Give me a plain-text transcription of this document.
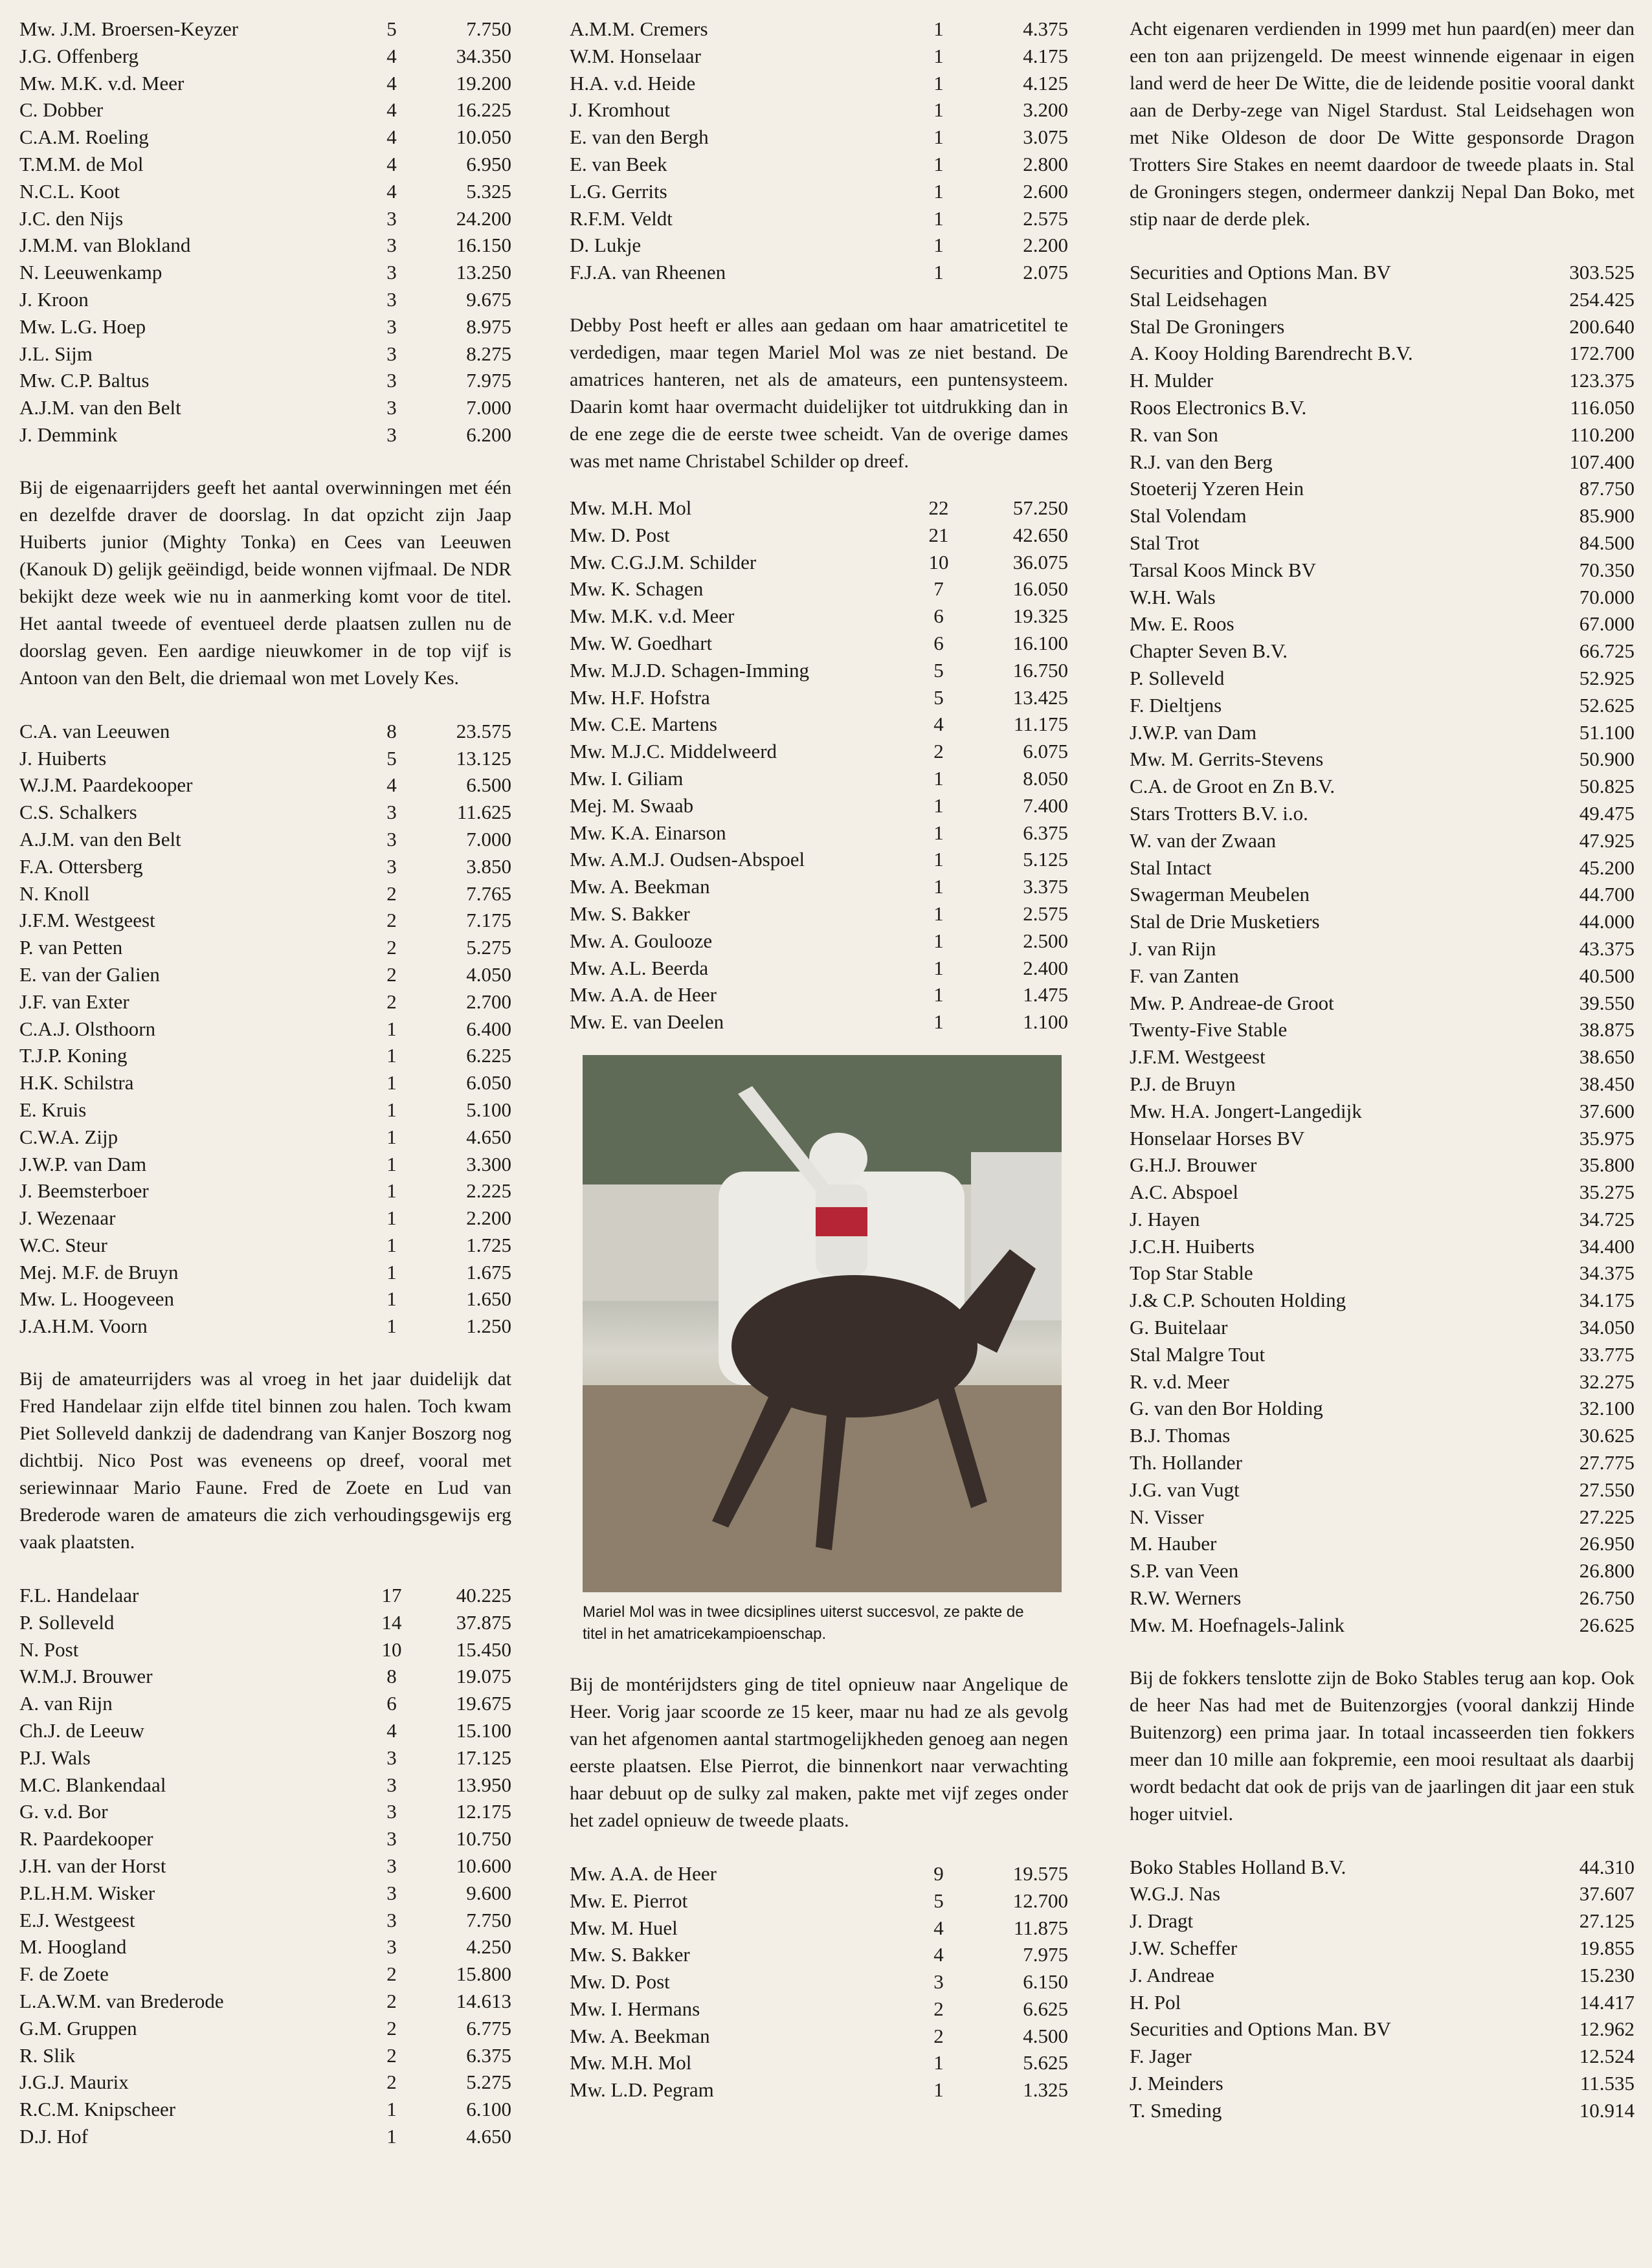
Mw. J.M. Broersen-Keyzer	5	7.750
J.G. Offenberg	4	34.350
Mw. M.K. v.d. Meer	4	19.200
C. Dobber	4	16.225
C.A.M. Roeling	4	10.050
T.M.M. de Mol	4	6.950
N.C.L. Koot	4	5.325
J.C. den Nijs	3	24.200
J.M.M. van Blokland	3	16.150
N. Leeuwenkamp	3	13.250
J. Kroon	3	9.675
Mw. L.G. Hoep	3	8.975
J.L. Sijm	3	8.275
Mw. C.P. Baltus	3	7.975
A.J.M. van den Belt	3	7.000
J. Demmink	3	6.200

Bij de eigenaarrijders geeft het aantal overwinningen met één en dezelfde draver de doorslag. In dat opzicht zijn Jaap Huiberts junior (Mighty Tonka) en Cees van Leeuwen (Kanouk D) gelijk geëindigd, beide wonnen vijfmaal. De NDR bekijkt deze week wie nu in aanmerking komt voor de titel. Het aantal tweede of eventueel derde plaatsen zullen nu de doorslag geven. Een aardige nieuwkomer in de top vijf is Antoon van den Belt, die driemaal won met Lovely Kes.

C.A. van Leeuwen	8	23.575
J. Huiberts	5	13.125
W.J.M. Paardekooper	4	6.500
C.S. Schalkers	3	11.625
A.J.M. van den Belt	3	7.000
F.A. Ottersberg	3	3.850
N. Knoll	2	7.765
J.F.M. Westgeest	2	7.175
P. van Petten	2	5.275
E. van der Galien	2	4.050
J.F. van Exter	2	2.700
C.A.J. Olsthoorn	1	6.400
T.J.P. Koning	1	6.225
H.K. Schilstra	1	6.050
E. Kruis	1	5.100
C.W.A. Zijp	1	4.650
J.W.P. van Dam	1	3.300
J. Beemsterboer	1	2.225
J. Wezenaar	1	2.200
W.C. Steur	1	1.725
Mej. M.F. de Bruyn	1	1.675
Mw. L. Hoogeveen	1	1.650
J.A.H.M. Voorn	1	1.250

Bij de amateurrijders was al vroeg in het jaar duidelijk dat Fred Handelaar zijn elfde titel binnen zou halen. Toch kwam Piet Solleveld dankzij de dadendrang van Kanjer Boszorg nog dichtbij. Nico Post was eveneens op dreef, vooral met seriewinnaar Mario Faune. Fred de Zoete en Lud van Brederode waren de amateurs die zich verhoudingsgewijs erg vaak plaatsten.

F.L. Handelaar	17	40.225
P. Solleveld	14	37.875
N. Post	10	15.450
W.M.J. Brouwer	8	19.075
A. van Rijn	6	19.675
Ch.J. de Leeuw	4	15.100
P.J. Wals	3	17.125
M.C. Blankendaal	3	13.950
G. v.d. Bor	3	12.175
R. Paardekooper	3	10.750
J.H. van der Horst	3	10.600
P.L.H.M. Wisker	3	9.600
E.J. Westgeest	3	7.750
M. Hoogland	3	4.250
F. de Zoete	2	15.800
L.A.W.M. van Brederode	2	14.613
G.M. Gruppen	2	6.775
R. Slik	2	6.375
J.G.J. Maurix	2	5.275
R.C.M. Knipscheer	1	6.100
D.J. Hof	1	4.650
A.M.M. Cremers	1	4.375
W.M. Honselaar	1	4.175
H.A. v.d. Heide	1	4.125
J. Kromhout	1	3.200
E. van den Bergh	1	3.075
E. van Beek	1	2.800
L.G. Gerrits	1	2.600
R.F.M. Veldt	1	2.575
D. Lukje	1	2.200
F.J.A. van Rheenen	1	2.075

Debby Post heeft er alles aan gedaan om haar amatricetitel te verdedigen, maar tegen Mariel Mol was ze niet bestand. De amatrices hanteren, net als de amateurs, een puntensysteem. Daarin komt haar overmacht duidelijker tot uitdrukking dan in de ene zege die de eerste twee scheidt. Van de overige dames was met name Christabel Schilder op dreef.

Mw. M.H. Mol	22	57.250
Mw. D. Post	21	42.650
Mw. C.G.J.M. Schilder	10	36.075
Mw. K. Schagen	7	16.050
Mw. M.K. v.d. Meer	6	19.325
Mw. W. Goedhart	6	16.100
Mw. M.J.D. Schagen-Imming	5	16.750
Mw. H.F. Hofstra	5	13.425
Mw. C.E. Martens	4	11.175
Mw. M.J.C. Middelweerd	2	6.075
Mw. I. Giliam	1	8.050
Mej. M. Swaab	1	7.400
Mw. K.A. Einarson	1	6.375
Mw. A.M.J. Oudsen-Abspoel	1	5.125
Mw. A. Beekman	1	3.375
Mw. S. Bakker	1	2.575
Mw. A. Goulooze	1	2.500
Mw. A.L. Beerda	1	2.400
Mw. A.A. de Heer	1	1.475
Mw. E. van Deelen	1	1.100
Mariel Mol was in twee dicsiplines uiterst succesvol, ze pakte de titel in het amatricekampioenschap.

Bij de montérijdsters ging de titel opnieuw naar Angelique de Heer. Vorig jaar scoorde ze 15 keer, maar nu had ze als gevolg van het afgenomen aantal startmogelijkheden genoeg aan negen eerste plaatsen. Else Pierrot, die binnenkort naar verwachting haar debuut op de sulky zal maken, pakte met vijf zeges onder het zadel opnieuw de tweede plaats.

Mw. A.A. de Heer	9	19.575
Mw. E. Pierrot	5	12.700
Mw. M. Huel	4	11.875
Mw. S. Bakker	4	7.975
Mw. D. Post	3	6.150
Mw. I. Hermans	2	6.625
Mw. A. Beekman	2	4.500
Mw. M.H. Mol	1	5.625
Mw. L.D. Pegram	1	1.325

Acht eigenaren verdienden in 1999 met hun paard(en) meer dan een ton aan prijzengeld. De meest winnende eigenaar in eigen land werd de heer De Witte, die de leidende positie vooral dankt aan de Derby-zege van Nigel Stardust. Stal Leidsehagen won met Nike Oldeson de door De Witte gesponsorde Dragon Trotters Sire Stakes en neemt daardoor de tweede plaats in. Stal de Groningers stegen, ondermeer dankzij Nepal Dan Boko, met stip naar de derde plek.

Securities and Options Man. BV	303.525
Stal Leidsehagen	254.425
Stal De Groningers	200.640
A. Kooy Holding Barendrecht B.V.	172.700
H. Mulder	123.375
Roos Electronics B.V.	116.050
R. van Son	110.200
R.J. van den Berg	107.400
Stoeterij Yzeren Hein	87.750
Stal Volendam	85.900
Stal Trot	84.500
Tarsal Koos Minck BV	70.350
W.H. Wals	70.000
Mw. E. Roos	67.000
Chapter Seven B.V.	66.725
P. Solleveld	52.925
F. Dieltjens	52.625
J.W.P. van Dam	51.100
Mw. M. Gerrits-Stevens	50.900
C.A. de Groot en Zn B.V.	50.825
Stars Trotters B.V. i.o.	49.475
W. van der Zwaan	47.925
Stal Intact	45.200
Swagerman Meubelen	44.700
Stal de Drie Musketiers	44.000
J. van Rijn	43.375
F. van Zanten	40.500
Mw. P. Andreae-de Groot	39.550
Twenty-Five Stable	38.875
J.F.M. Westgeest	38.650
P.J. de Bruyn	38.450
Mw. H.A. Jongert-Langedijk	37.600
Honselaar Horses BV	35.975
G.H.J. Brouwer	35.800
A.C. Abspoel	35.275
J. Hayen	34.725
J.C.H. Huiberts	34.400
Top Star Stable	34.375
J.& C.P. Schouten Holding	34.175
G. Buitelaar	34.050
Stal Malgre Tout	33.775
R. v.d. Meer	32.275
G. van den Bor Holding	32.100
B.J. Thomas	30.625
Th. Hollander	27.775
J.G. van Vugt	27.550
N. Visser	27.225
M. Hauber	26.950
S.P. van Veen	26.800
R.W. Werners	26.750
Mw. M. Hoefnagels-Jalink	26.625

Bij de fokkers tenslotte zijn de Boko Stables terug aan kop. Ook de heer Nas had met de Buitenzorgjes (vooral dankzij Hinde Buitenzorg) een prima jaar. In totaal incasseerden tien fokkers meer dan 10 mille aan fokpremie, een mooi resultaat als daarbij wordt bedacht dat ook de prijs van de jaarlingen dit jaar een stuk hoger uitviel.

Boko Stables Holland B.V.	44.310
W.G.J. Nas	37.607
J. Dragt	27.125
J.W. Scheffer	19.855
J. Andreae	15.230
H. Pol	14.417
Securities and Options Man. BV	12.962
F. Jager	12.524
J. Meinders	11.535
T. Smeding	10.914
